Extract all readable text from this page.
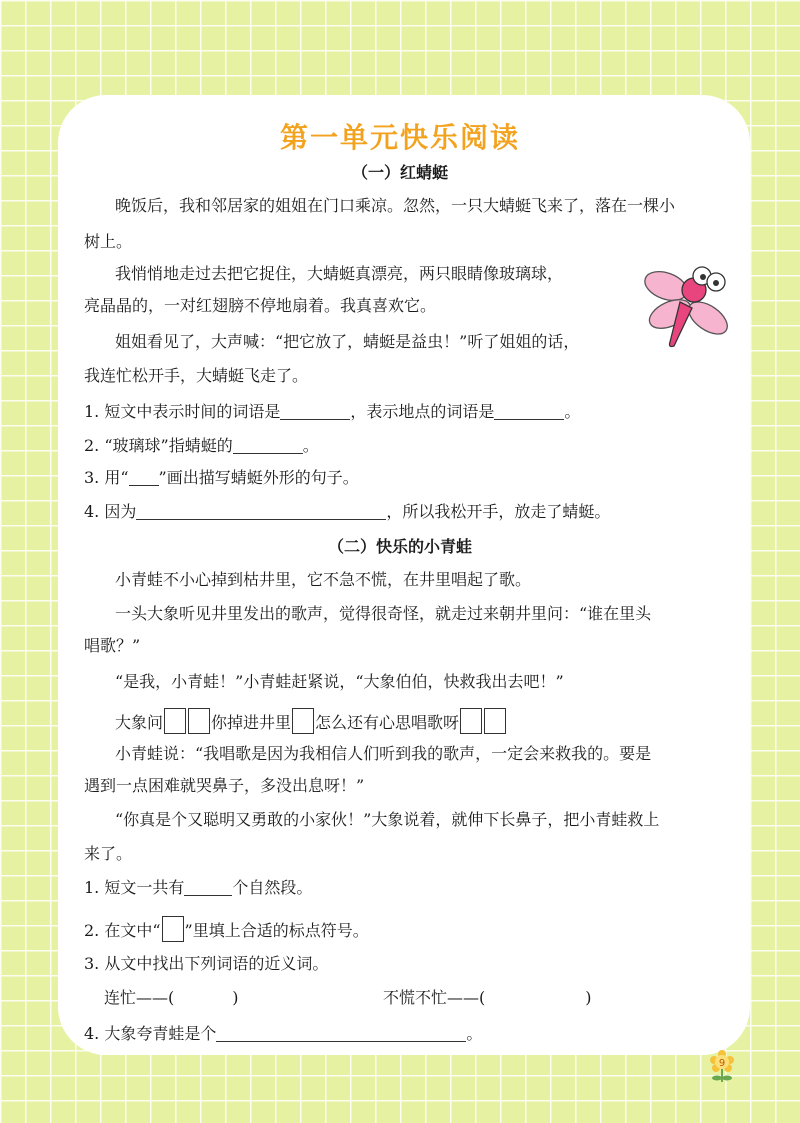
第一单元快乐阅读
（一）红蜻蜓
晚饭后，我和邻居家的姐姐在门口乘凉。忽然，一只大蜻蜓飞来了，落在一棵小
树上。
我悄悄地走过去把它捉住，大蜻蜓真漂亮，两只眼睛像玻璃球，
亮晶晶的，一对红翅膀不停地扇着。我真喜欢它。
姐姐看见了，大声喊：“把它放了，蜻蜓是益虫！”听了姐姐的话，
我连忙松开手，大蜻蜓飞走了。
1. 短文中表示时间的词语是	，表示地点的词语是	。
2. “玻璃球”指蜻蜓的	。
3. 用“ ”画出描写蜻蜓外形的句子。
4. 因为	，所以我松开手，放走了蜻蜓。
（二）快乐的小青蛙
小青蛙不小心掉到枯井里，它不急不慌，在井里唱起了歌。
一头大象听见井里发出的歌声，觉得很奇怪，就走过来朝井里问：“谁在里头
唱歌？”
“是我，小青蛙！”小青蛙赶紧说，“大象伯伯，快救我出去吧！”
大象问	你掉进井里 怎么还有心思唱歌呀
小青蛙说：“我唱歌是因为我相信人们听到我的歌声，一定会来救我的。要是
遇到一点困难就哭鼻子，多没出息呀！”
“你真是个又聪明又勇敢的小家伙！”大象说着，就伸下长鼻子，把小青蛙救上
来了。
1. 短文一共有	个自然段。
2. 在文中“ ”里填上合适的标点符号。
3. 从文中找出下列词语的近义词。
连忙——(	)	不慌不忙——(	)
4. 大象夸青蛙是个	。
9
